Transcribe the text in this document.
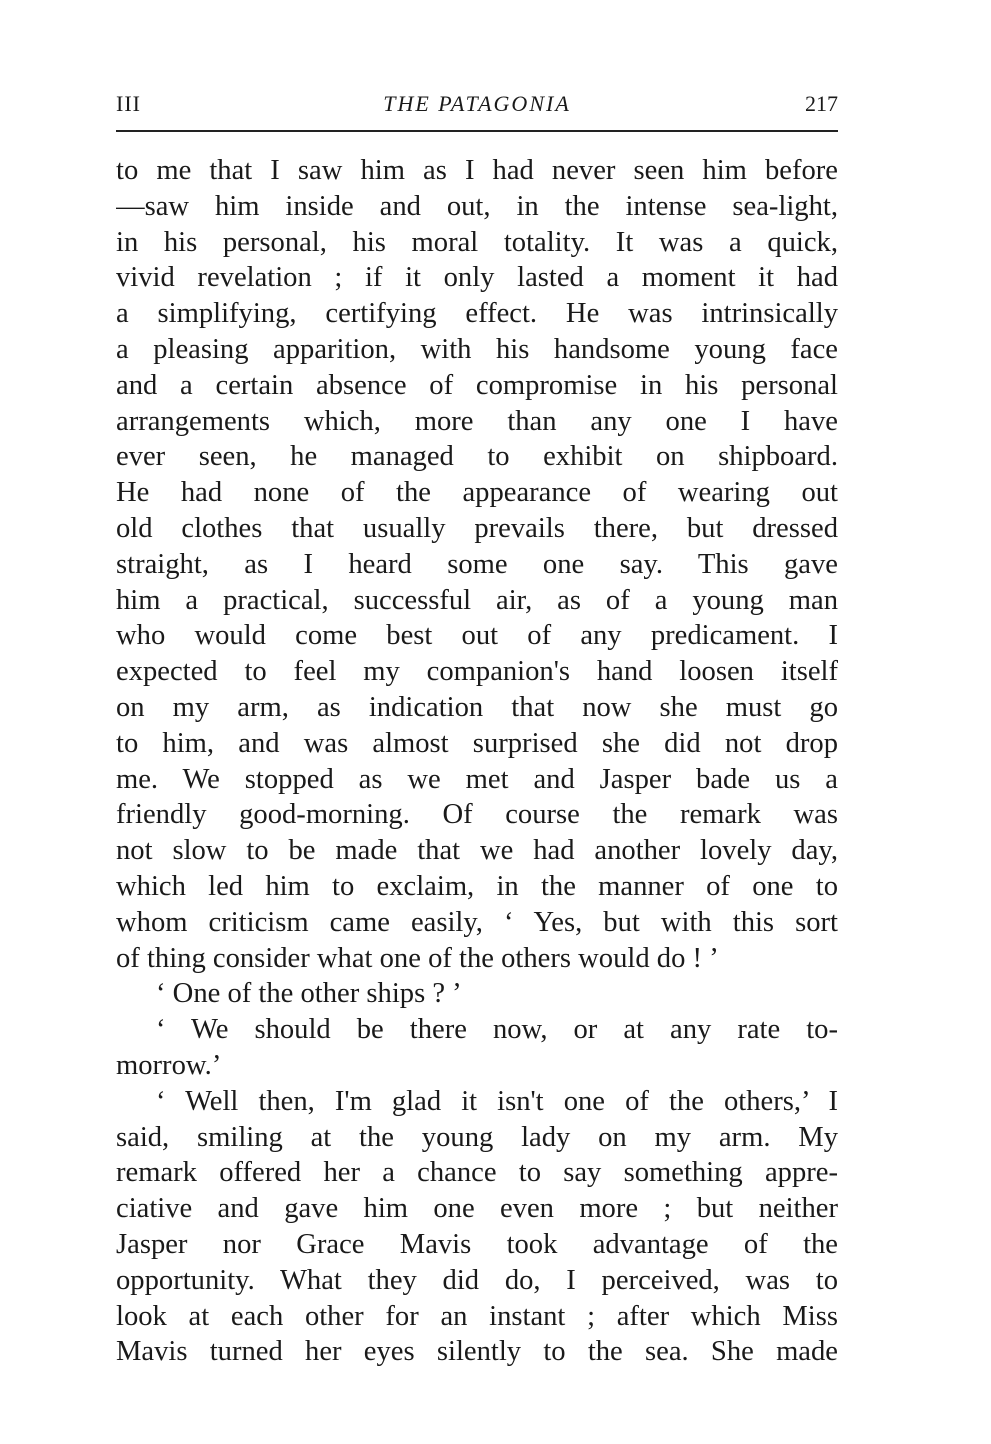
III	THE PATAGONIA	217
to me that I saw him as I had never seen him before
—saw him inside and out, in the intense sea-light,
in his personal, his moral totality. It was a quick,
vivid revelation ; if it only lasted a moment it had
a simplifying, certifying effect. He was intrinsically
a pleasing apparition, with his handsome young face
and a certain absence of compromise in his personal
arrangements which, more than any one I have
ever seen, he managed to exhibit on shipboard.
He had none of the appearance of wearing out
old clothes that usually prevails there, but dressed
straight, as I heard some one say. This gave
him a practical, successful air, as of a young man
who would come best out of any predicament. I
expected to feel my companion's hand loosen itself
on my arm, as indication that now she must go
to him, and was almost surprised she did not drop
me. We stopped as we met and Jasper bade us a
friendly good-morning. Of course the remark was
not slow to be made that we had another lovely day,
which led him to exclaim, in the manner of one to
whom criticism came easily, ‘ Yes, but with this sort
of thing consider what one of the others would do ! ’
‘ One of the other ships ? ’
‘ We should be there now, or at any rate to-
morrow.’
‘ Well then, I'm glad it isn't one of the others,’ I
said, smiling at the young lady on my arm. My
remark offered her a chance to say something appre-
ciative and gave him one even more ; but neither
Jasper nor Grace Mavis took advantage of the
opportunity. What they did do, I perceived, was to
look at each other for an instant ; after which Miss
Mavis turned her eyes silently to the sea. She made
